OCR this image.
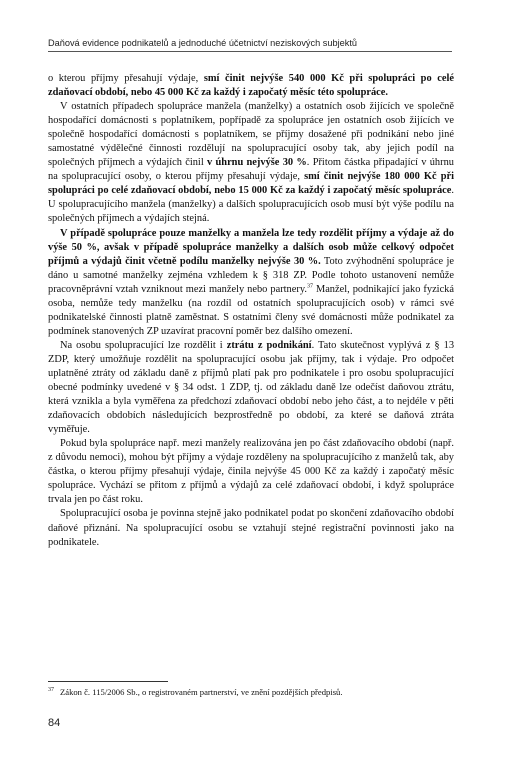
Daňová evidence podnikatelů a jednoduché účetnictví neziskových subjektů

o kterou příjmy přesahují výdaje, smí činit nejvýše 540 000 Kč při spolupráci po celé zdaňovací období, nebo 45 000 Kč za každý i započatý měsíc této spolupráce.

V ostatních případech spolupráce manžela (manželky) a ostatních osob žijících ve společně hospodařící domácnosti s poplatníkem, popřípadě za spolupráce jen ostatních osob žijících ve společně hospodařící domácnosti s poplatníkem, se příjmy dosažené při podnikání nebo jiné samostatné výdělečné činnosti rozdělují na spolupracující osoby tak, aby jejich podíl na společných příjmech a výdajích činil v úhrnu nejvýše 30 %. Přitom částka připadající v úhrnu na spolupracující osoby, o kterou příjmy přesahují výdaje, smí činit nejvýše 180 000 Kč při spolupráci po celé zdaňovací období, nebo 15 000 Kč za každý i započatý měsíc spolupráce. U spolupracujícího manžela (manželky) a dalších spolupracujících osob musí být výše podílu na společných příjmech a výdajích stejná.

V případě spolupráce pouze manželky a manžela lze tedy rozdělit příjmy a výdaje až do výše 50 %, avšak v případě spolupráce manželky a dalších osob může celkový odpočet příjmů a výdajů činit včetně podílu manželky nejvýše 30 %. Toto zvýhodnění spolupráce je dáno u samotné manželky zejména vzhledem k § 318 ZP. Podle tohoto ustanovení nemůže pracovněprávní vztah vzniknout mezi manžely nebo partnery.$^{37}$ Manžel, podnikající jako fyzická osoba, nemůže tedy manželku (na rozdíl od ostatních spolupracujících osob) v rámci své podnikatelské činnosti platně zaměstnat. S ostatními členy své domácnosti může podnikatel za podmínek stanovených ZP uzavírat pracovní poměr bez dalšího omezení.

Na osobu spolupracující lze rozdělit i ztrátu z podnikání. Tato skutečnost vyplývá z § 13 ZDP, který umožňuje rozdělit na spolupracující osobu jak příjmy, tak i výdaje. Pro odpočet uplatněné ztráty od základu daně z příjmů platí pak pro podnikatele i pro osobu spolupracující obecné podmínky uvedené v § 34 odst. 1 ZDP, tj. od základu daně lze odečíst daňovou ztrátu, která vznikla a byla vyměřena za předchozí zdaňovací období nebo jeho část, a to nejdéle v pěti zdaňovacích obdobích následujících bezprostředně po období, za které se daňová ztráta vyměřuje.

Pokud byla spolupráce např. mezi manžely realizována jen po část zdaňovacího období (např. z důvodu nemoci), mohou být příjmy a výdaje rozděleny na spolupracujícího z manželů tak, aby částka, o kterou příjmy přesahují výdaje, činila nejvýše 45 000 Kč za každý i započatý měsíc spolupráce. Vychází se přitom z příjmů a výdajů za celé zdaňovací období, i když spolupráce trvala jen po část roku.

Spolupracující osoba je povinna stejně jako podnikatel podat po skončení zdaňovacího období daňové přiznání. Na spolupracující osobu se vztahují stejné registrační povinnosti jako na podnikatele.

$^{37}$ Zákon č. 115/2006 Sb., o registrovaném partnerství, ve znění pozdějších předpisů.
84
